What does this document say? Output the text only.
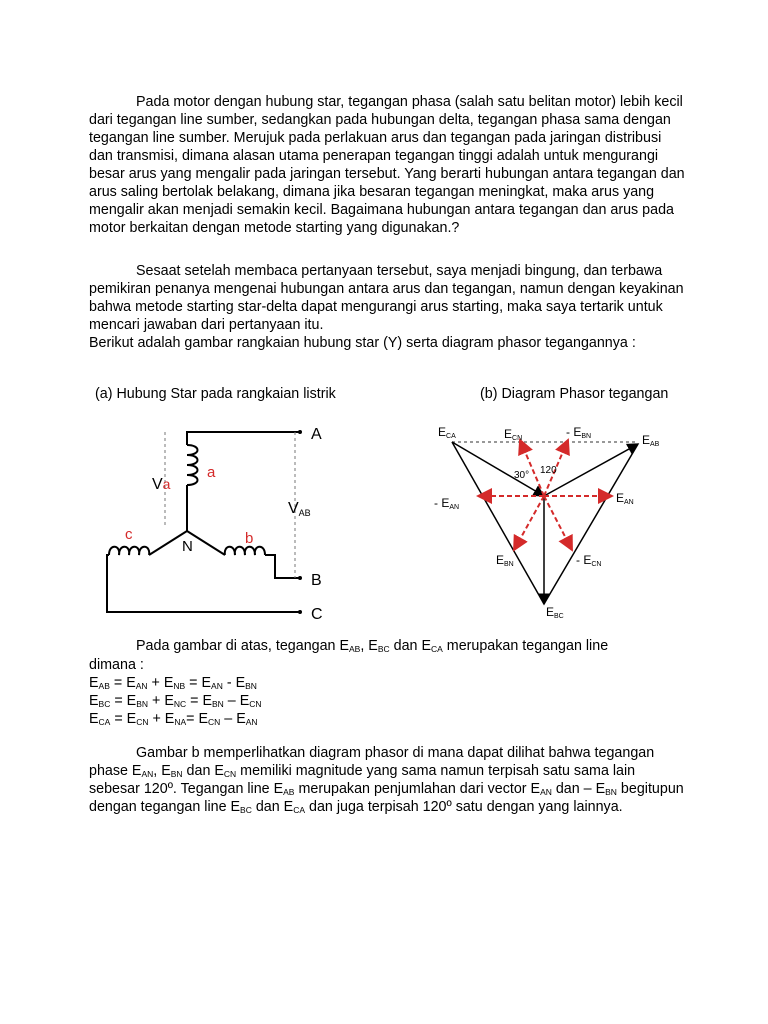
Pada motor dengan hubung star, tegangan phasa (salah satu belitan motor) lebih kecil dari tegangan line sumber, sedangkan pada hubungan delta, tegangan phasa sama dengan tegangan line sumber. Merujuk pada perlakuan arus dan tegangan pada jaringan distribusi dan transmisi, dimana alasan utama penerapan tegangan tinggi adalah untuk mengurangi besar arus yang mengalir pada jaringan tersebut. Yang berarti hubungan antara tegangan dan arus saling bertolak belakang, dimana jika besaran tegangan meningkat, maka arus yang mengalir akan menjadi semakin kecil. Bagaimana hubungan antara tegangan dan arus pada motor berkaitan dengan metode starting yang digunakan.?

Sesaat setelah membaca pertanyaan tersebut, saya menjadi bingung, dan terbawa pemikiran penanya mengenai hubungan antara arus dan tegangan, namun dengan keyakinan bahwa metode starting star-delta dapat mengurangi arus starting, maka saya tertarik untuk mencari jawaban dari pertanyaan itu.

Berikut adalah gambar rangkaian hubung star (Y) serta diagram phasor tegangannya :

(a) Hubung Star pada rangkaian listrik	(b) Diagram Phasor tegangan
A
B
C
a
b
c
N
Va
VAB
ECA	ECN	- EBN	EAB
EAN
- EAN
EBN	- ECN
EBC
30° 120
Pada gambar di atas, tegangan $E_{AB}$, $E_{BC}$ dan $E_{CA}$ merupakan tegangan line
dimana :
$E_{AB} = E_{AN} + E_{NB} = E_{AN} - E_{BN}$
$E_{BC} = E_{BN} + E_{NC} = E_{BN} - E_{CN}$
$E_{CA} = E_{CN} + E_{NA}= E_{CN} - E_{AN}$
Gambar b memperlihatkan diagram phasor di mana dapat dilihat bahwa tegangan phase $E_{AN}$, $E_{BN}$ dan $E_{CN}$ memiliki magnitude yang sama namun terpisah satu sama lain sebesar 120º. Tegangan line $E_{AB}$ merupakan penjumlahan dari vector $E_{AN}$ dan – $E_{BN}$ begitupun dengan tegangan line $E_{BC}$ dan $E_{CA}$ dan juga terpisah 120º satu dengan yang lainnya.
